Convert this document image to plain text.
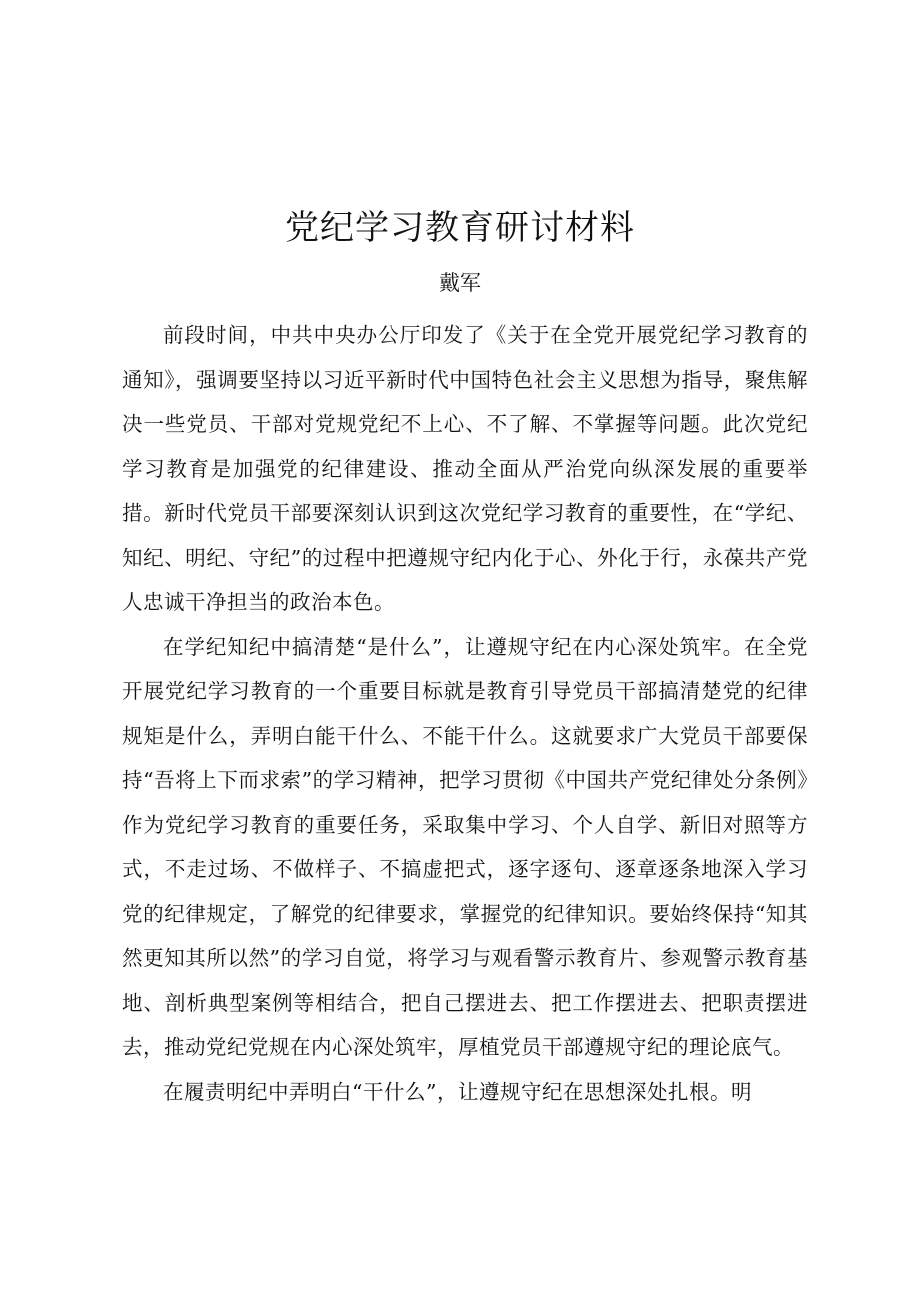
党纪学习教育研讨材料
戴军

前段时间，中共中央办公厅印发了《关于在全党开展党纪学习教育的通知》，强调要坚持以习近平新时代中国特色社会主义思想为指导，聚焦解决一些党员、干部对党规党纪不上心、不了解、不掌握等问题。此次党纪学习教育是加强党的纪律建设、推动全面从严治党向纵深发展的重要举措。新时代党员干部要深刻认识到这次党纪学习教育的重要性，在“学纪、知纪、明纪、守纪”的过程中把遵规守纪内化于心、外化于行，永葆共产党人忠诚干净担当的政治本色。

在学纪知纪中搞清楚“是什么”，让遵规守纪在内心深处筑牢。在全党开展党纪学习教育的一个重要目标就是教育引导党员干部搞清楚党的纪律规矩是什么，弄明白能干什么、不能干什么。这就要求广大党员干部要保持“吾将上下而求索”的学习精神，把学习贯彻《中国共产党纪律处分条例》作为党纪学习教育的重要任务，采取集中学习、个人自学、新旧对照等方式，不走过场、不做样子、不搞虚把式，逐字逐句、逐章逐条地深入学习党的纪律规定，了解党的纪律要求，掌握党的纪律知识。要始终保持“知其然更知其所以然”的学习自觉，将学习与观看警示教育片、参观警示教育基地、剖析典型案例等相结合，把自己摆进去、把工作摆进去、把职责摆进去，推动党纪党规在内心深处筑牢，厚植党员干部遵规守纪的理论底气。

在履责明纪中弄明白“干什么”，让遵规守纪在思想深处扎根。明
